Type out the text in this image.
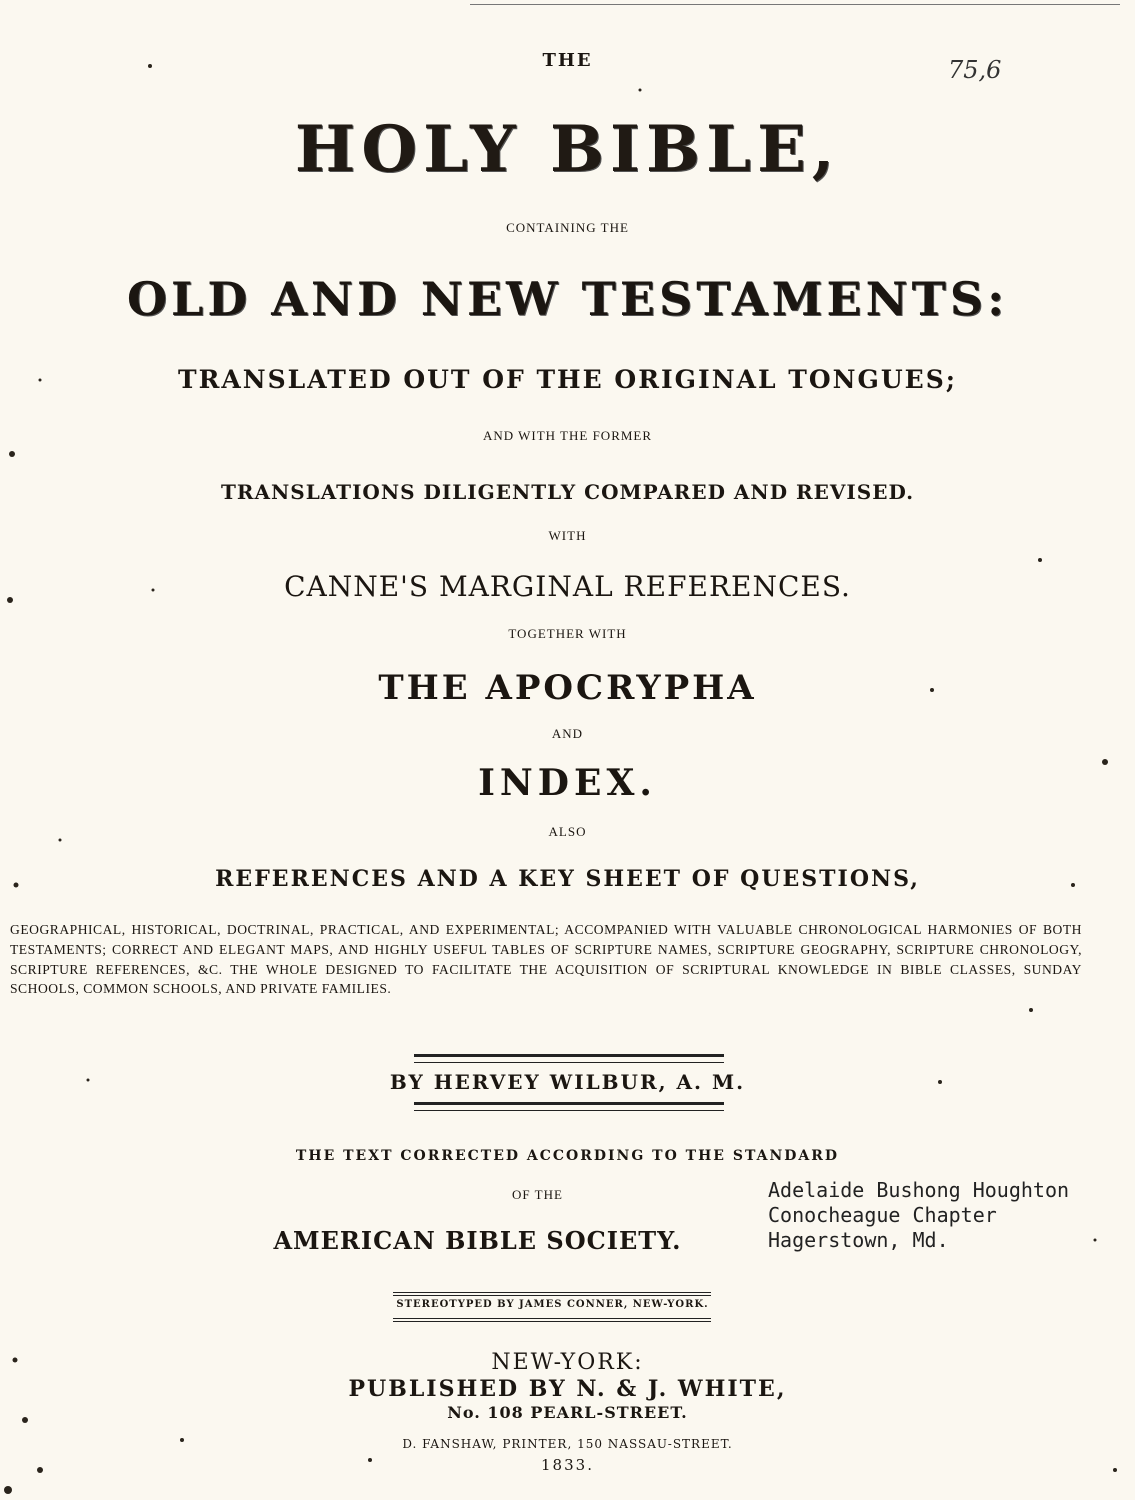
75,6
THE
HOLY BIBLE,
CONTAINING THE
OLD AND NEW TESTAMENTS:
TRANSLATED OUT OF THE ORIGINAL TONGUES;
AND WITH THE FORMER
TRANSLATIONS DILIGENTLY COMPARED AND REVISED.
WITH
CANNE'S MARGINAL REFERENCES.
TOGETHER WITH
THE APOCRYPHA
AND
INDEX.
ALSO
REFERENCES AND A KEY SHEET OF QUESTIONS,
GEOGRAPHICAL, HISTORICAL, DOCTRINAL, PRACTICAL, AND EXPERIMENTAL; ACCOMPANIED WITH VALUABLE CHRONOLOGICAL HARMONIES OF BOTH TESTAMENTS; CORRECT AND ELEGANT MAPS, AND HIGHLY USEFUL TABLES OF SCRIPTURE NAMES, SCRIPTURE GEOGRAPHY, SCRIPTURE CHRONOLOGY, SCRIPTURE REFERENCES, &C. THE WHOLE DESIGNED TO FACILITATE THE ACQUISITION OF SCRIPTURAL KNOWLEDGE IN BIBLE CLASSES, SUNDAY SCHOOLS, COMMON SCHOOLS, AND PRIVATE FAMILIES.
BY HERVEY WILBUR, A. M.
THE TEXT CORRECTED ACCORDING TO THE STANDARD
OF THE
AMERICAN BIBLE SOCIETY.
Adelaide Bushong Houghton
Conocheague Chapter
Hagerstown, Md.
STEREOTYPED BY JAMES CONNER, NEW-YORK.
NEW-YORK:
PUBLISHED BY N. & J. WHITE,
No. 108 PEARL-STREET.
D. FANSHAW, PRINTER, 150 NASSAU-STREET.
1833.
